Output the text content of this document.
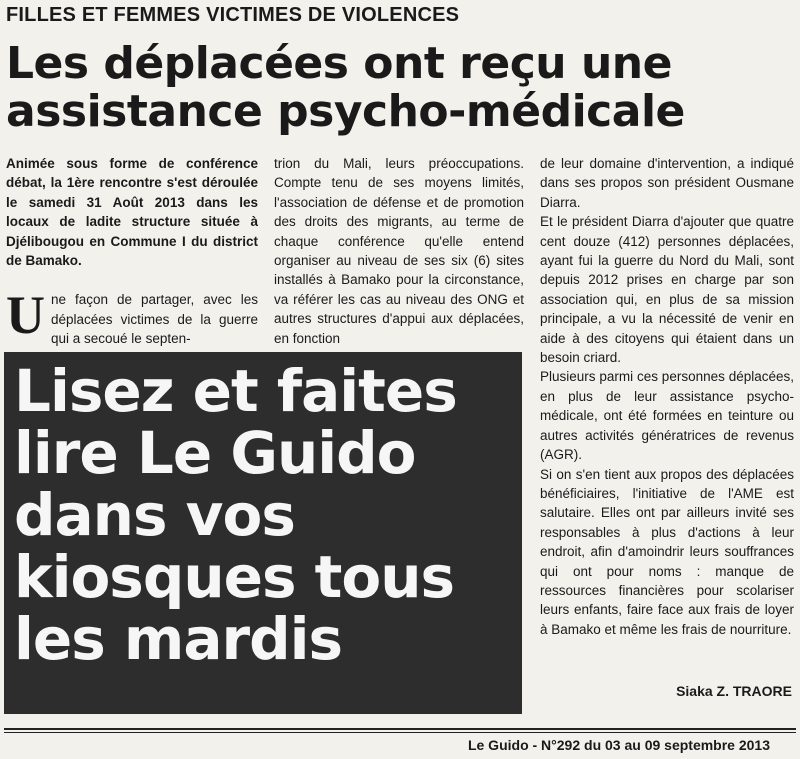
FILLES ET FEMMES VICTIMES DE VIOLENCES
Les déplacées ont reçu une
assistance psycho-médicale

Animée sous forme de conférence débat, la 1ère rencontre s'est déroulée le samedi 31 Août 2013 dans les locaux de ladite structure située à Djélibougou en Commune I du district de Bamako.

Une façon de partager, avec les déplacées victimes de la guerre qui a secoué le septen-

trion du Mali, leurs préoccupations. Compte tenu de ses moyens limités, l'association de défense et de promotion des droits des migrants, au terme de chaque conférence qu'elle entend organiser au niveau de ses six (6) sites installés à Bamako pour la circonstance, va référer les cas au niveau des ONG et autres structures d'appui aux déplacées, en fonction

de leur domaine d'intervention, a indiqué dans ses propos son président Ousmane Diarra.

Et le président Diarra d'ajouter que quatre cent douze (412) personnes déplacées, ayant fui la guerre du Nord du Mali, sont depuis 2012 prises en charge par son association qui, en plus de sa mission principale, a vu la nécessité de venir en aide à des citoyens qui étaient dans un besoin criard.

Plusieurs parmi ces personnes déplacées, en plus de leur assistance psycho-médicale, ont été formées en teinture ou autres activités génératrices de revenus (AGR).

Si on s'en tient aux propos des déplacées bénéficiaires, l'initiative de l'AME est salutaire. Elles ont par ailleurs invité ses responsables à plus d'actions à leur endroit, afin d'amoindrir leurs souffrances qui ont pour noms : manque de ressources financières pour scolariser leurs enfants, faire face aux frais de loyer à Bamako et même les frais de nourriture.

Lisez et faites
lire Le Guido
dans vos
kiosques tous
les mardis
Siaka Z. TRAORE
Le Guido - N°292 du 03 au 09 septembre 2013
